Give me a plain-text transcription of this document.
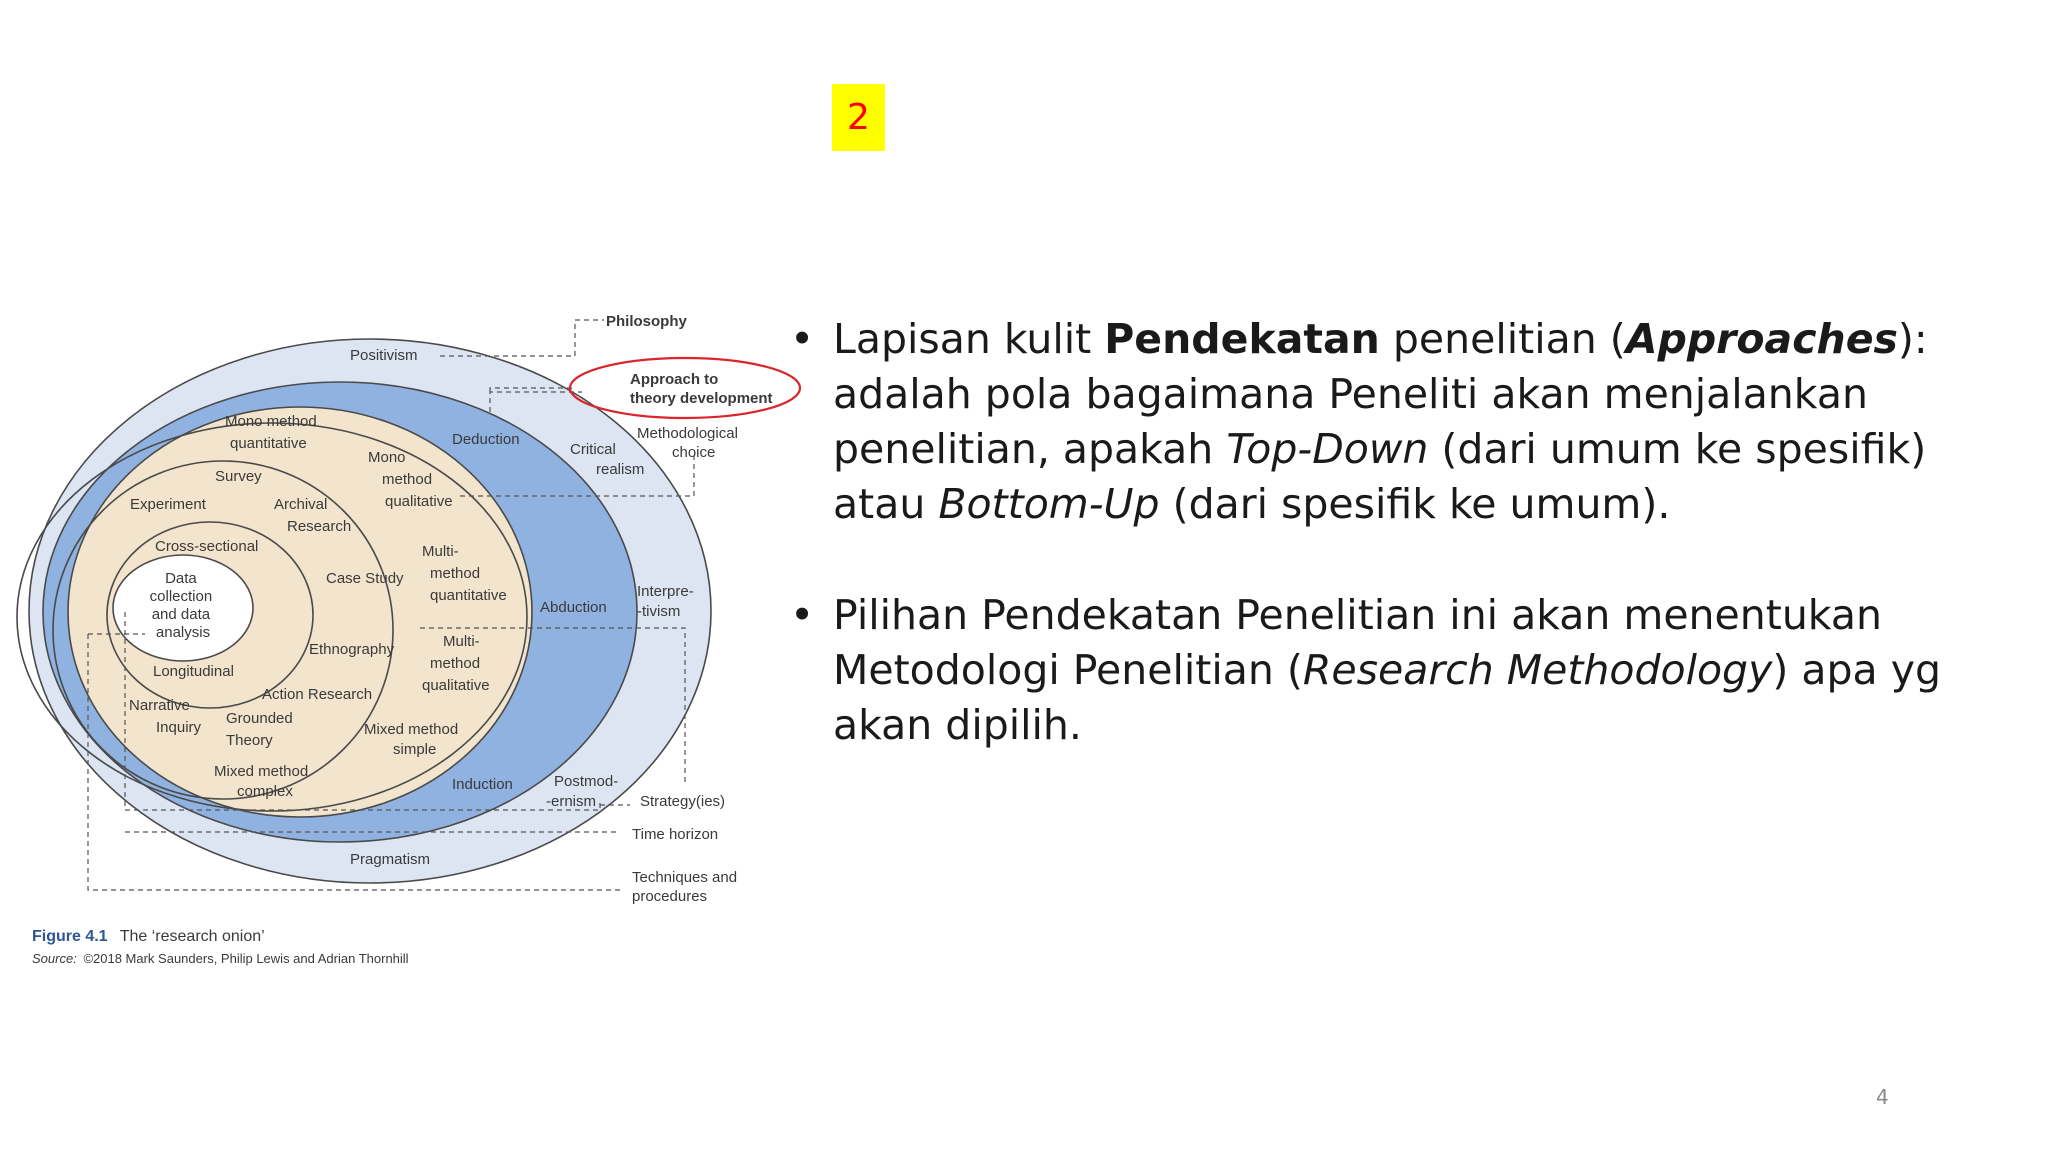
2
Philosophy
Approach to theory development
Methodological choice
Strategy(ies)
Time horizon
Techniques and procedures
Positivism
Critical realism
Interpre- -tivism
Postmod- -ernism
Pragmatism
Deduction
Abduction
Induction
Mono method quantitative
Mono method qualitative
Multi- method quantitative
Multi- method qualitative
Mixed method simple
Mixed method complex
Survey
Experiment	Archival Research
Case Study
Ethnography
Action Research
Grounded Theory
Narrative Inquiry
Cross-sectional
Longitudinal
Data collection and data analysis
Figure 4.1 The ‘research onion’
Source: ©2018 Mark Saunders, Philip Lewis and Adrian Thornhill
• Lapisan kulit Pendekatan penelitian (Approaches): adalah pola bagaimana Peneliti akan menjalankan penelitian, apakah Top-Down (dari umum ke spesifik) atau Bottom-Up (dari spesifik ke umum).
• Pilihan Pendekatan Penelitian ini akan menentukan Metodologi Penelitian (Research Methodology) apa yg akan dipilih.
4
